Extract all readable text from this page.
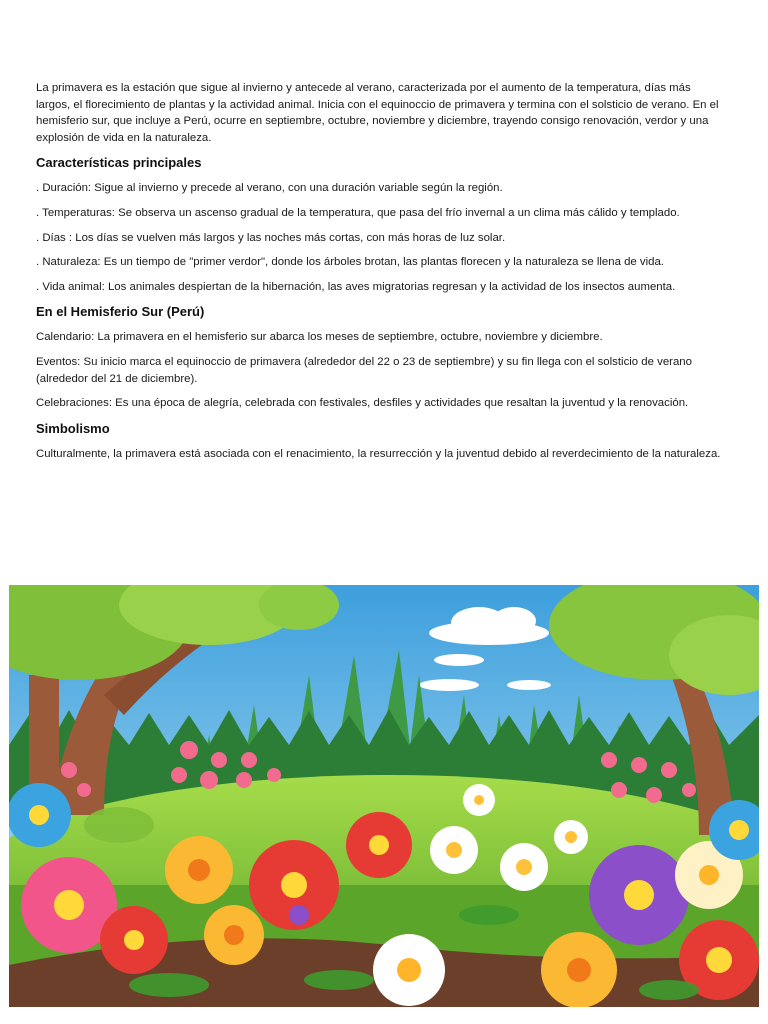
La primavera es la estación que sigue al invierno y antecede al verano, caracterizada por el aumento de la temperatura, días más largos, el florecimiento de plantas y la actividad animal. Inicia con el equinoccio de primavera y termina con el solsticio de verano. En el hemisferio sur, que incluye a Perú, ocurre en septiembre, octubre, noviembre y diciembre, trayendo consigo renovación, verdor y una explosión de vida en la naturaleza.

Características principales

. Duración: Sigue al invierno y precede al verano, con una duración variable según la región.

. Temperaturas: Se observa un ascenso gradual de la temperatura, que pasa del frío invernal a un clima más cálido y templado.

. Días : Los días se vuelven más largos y las noches más cortas, con más horas de luz solar.

. Naturaleza: Es un tiempo de "primer verdor", donde los árboles brotan, las plantas florecen y la naturaleza se llena de vida.

. Vida animal: Los animales despiertan de la hibernación, las aves migratorias regresan y la actividad de los insectos aumenta.

En el Hemisferio Sur (Perú)

Calendario: La primavera en el hemisferio sur abarca los meses de septiembre, octubre, noviembre y diciembre.

Eventos: Su inicio marca el equinoccio de primavera (alrededor del 22 o 23 de septiembre) y su fin llega con el solsticio de verano (alrededor del 21 de diciembre).

Celebraciones: Es una época de alegría, celebrada con festivales, desfiles y actividades que resaltan la juventud y la renovación.

Simbolismo

Culturalmente, la primavera está asociada con el renacimiento, la resurrección y la juventud debido al reverdecimiento de la naturaleza.
